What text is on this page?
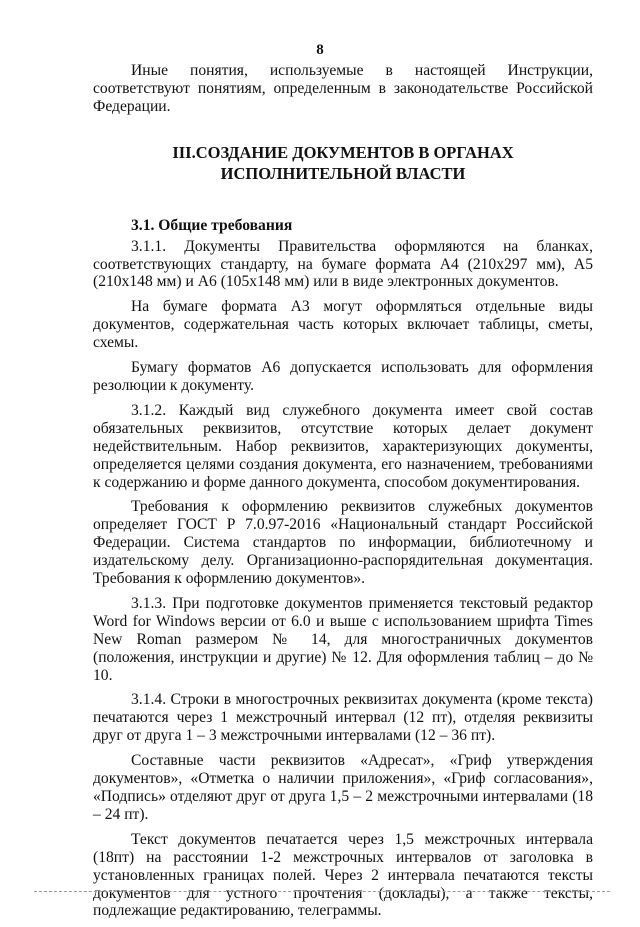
8

Иные понятия, используемые в настоящей Инструкции, соответствуют понятиям, определенным в законодательстве Российской Федерации.

III.СОЗДАНИЕ ДОКУМЕНТОВ В ОРГАНАХ
ИСПОЛНИТЕЛЬНОЙ ВЛАСТИ
3.1. Общие требования

3.1.1. Документы Правительства оформляются на бланках, соответствующих стандарту, на бумаге формата А4 (210х297 мм), А5 (210х148 мм) и А6 (105х148 мм) или в виде электронных документов.

На бумаге формата А3 могут оформляться отдельные виды документов, содержательная часть которых включает таблицы, сметы, схемы.

Бумагу форматов А6 допускается использовать для оформления резолюции к документу.

3.1.2. Каждый вид служебного документа имеет свой состав обязательных реквизитов, отсутствие которых делает документ недействительным. Набор реквизитов, характеризующих документы, определяется целями создания документа, его назначением, требованиями к содержанию и форме данного документа, способом документирования.

Требования к оформлению реквизитов служебных документов определяет ГОСТ Р 7.0.97-2016 «Национальный стандарт Российской Федерации. Система стандартов по информации, библиотечному и издательскому делу. Организационно-распорядительная документация. Требования к оформлению документов».

3.1.3. При подготовке документов применяется текстовый редактор Word for Windows версии от 6.0 и выше с использованием шрифта Times New Roman размером № 14, для многостраничных документов (положения, инструкции и другие) № 12. Для оформления таблиц – до № 10.

3.1.4. Строки в многострочных реквизитах документа (кроме текста) печатаются через 1 межстрочный интервал (12 пт), отделяя реквизиты друг от друга 1 – 3 межстрочными интервалами (12 – 36 пт).

Составные части реквизитов «Адресат», «Гриф утверждения документов», «Отметка о наличии приложения», «Гриф согласования», «Подпись» отделяют друг от друга 1,5 – 2 межстрочными интервалами (18 – 24 пт).

Текст документов печатается через 1,5 межстрочных интервала (18пт) на расстоянии 1-2 межстрочных интервалов от заголовка в установленных границах полей. Через 2 интервала печатаются тексты документов для устного прочтения (доклады), а также тексты, подлежащие редактированию, телеграммы.
